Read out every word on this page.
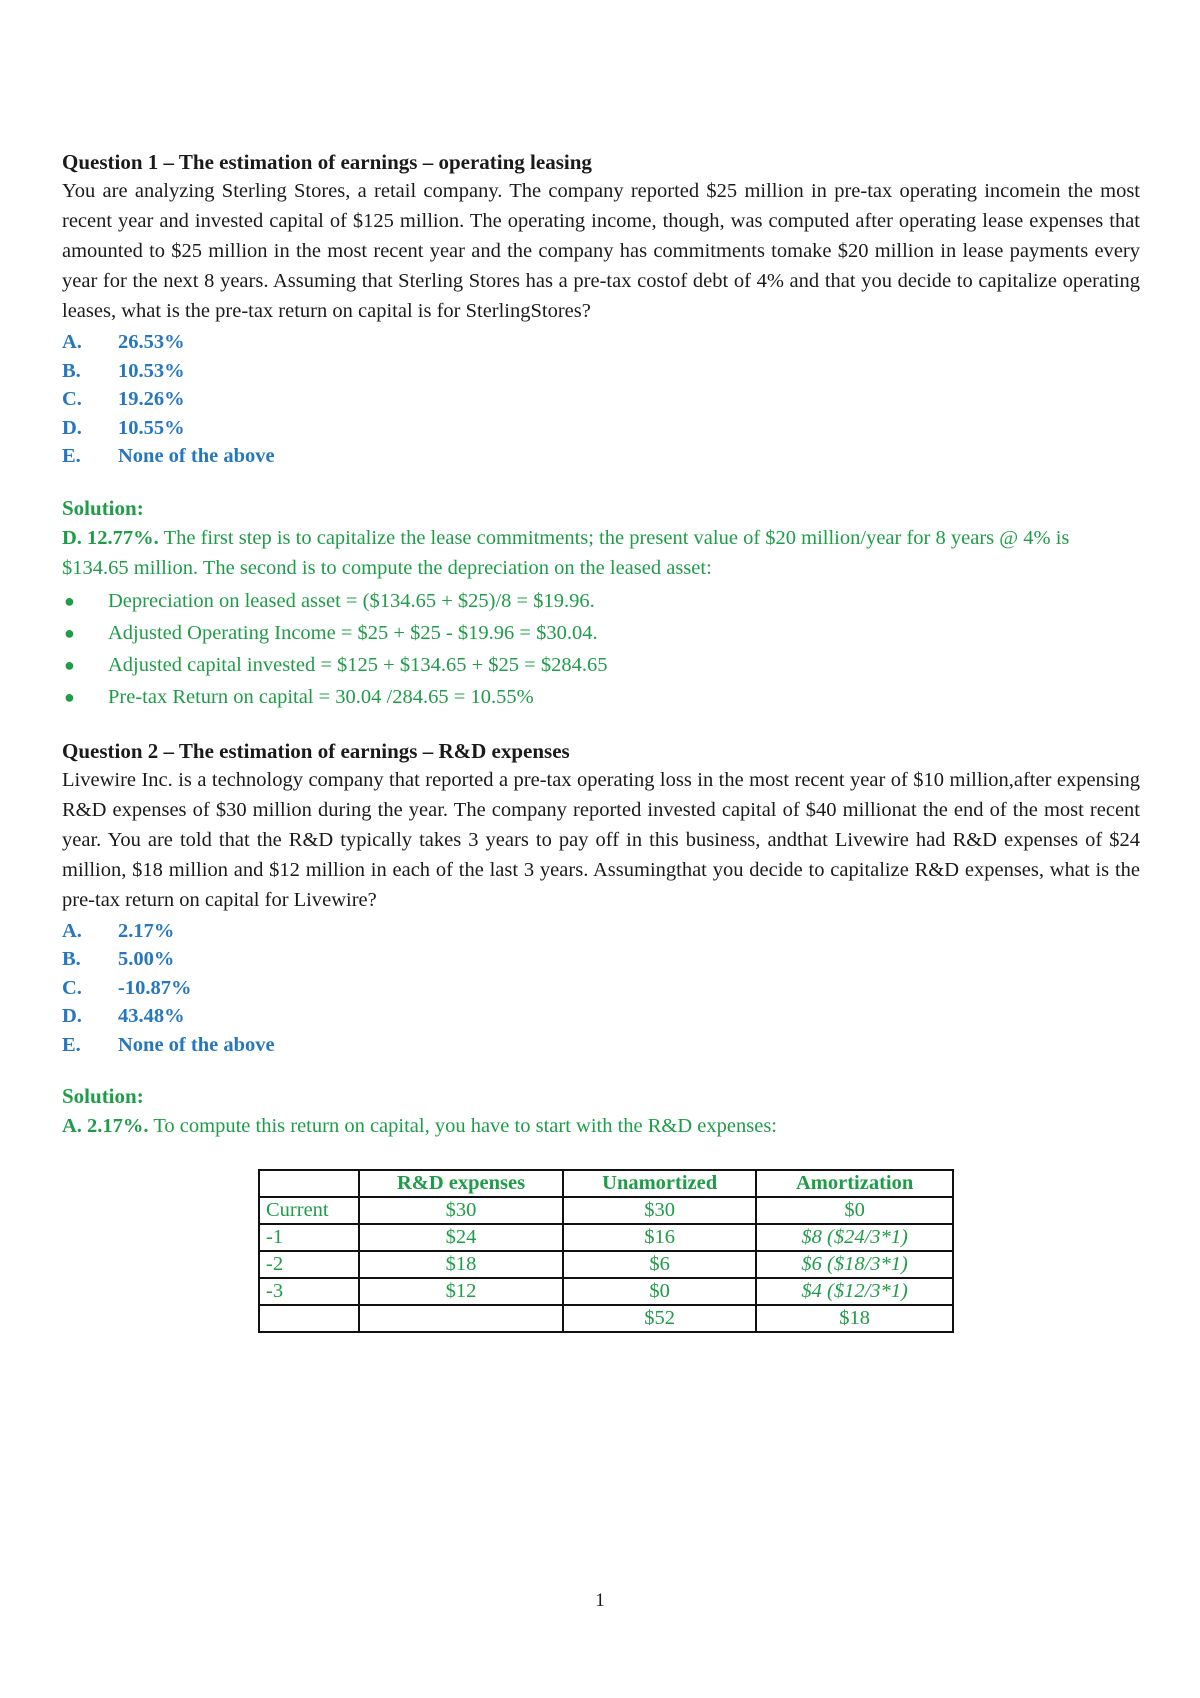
Question 1 – The estimation of earnings – operating leasing

You are analyzing Sterling Stores, a retail company. The company reported $25 million in pre-tax operating incomein the most recent year and invested capital of $125 million. The operating income, though, was computed after operating lease expenses that amounted to $25 million in the most recent year and the company has commitments tomake $20 million in lease payments every year for the next 8 years. Assuming that Sterling Stores has a pre-tax costof debt of 4% and that you decide to capitalize operating leases, what is the pre-tax return on capital is for SterlingStores?

A.	26.53%
B.	10.53%
C.	19.26%
D.	10.55%
E.	None of the above
Solution:

D. 12.77%. The first step is to capitalize the lease commitments; the present value of $20 million/year for 8 years @ 4% is $134.65 million. The second is to compute the depreciation on the leased asset:

●	Depreciation on leased asset = ($134.65 + $25)/8 = $19.96.
●	Adjusted Operating Income = $25 + $25 - $19.96 = $30.04.
●	Adjusted capital invested = $125 + $134.65 + $25 = $284.65
●	Pre-tax Return on capital = 30.04 /284.65 = 10.55%

Question 2 – The estimation of earnings – R&D expenses

Livewire Inc. is a technology company that reported a pre-tax operating loss in the most recent year of $10 million,after expensing R&D expenses of $30 million during the year. The company reported invested capital of $40 millionat the end of the most recent year. You are told that the R&D typically takes 3 years to pay off in this business, andthat Livewire had R&D expenses of $24 million, $18 million and $12 million in each of the last 3 years. Assumingthat you decide to capitalize R&D expenses, what is the pre-tax return on capital for Livewire?

A.	2.17%
B.	5.00%
C.	-10.87%
D.	43.48%
E.	None of the above
Solution:

A. 2.17%. To compute this return on capital, you have to start with the R&D expenses:

	R&D expenses	Unamortized	Amortization
Current	$30	$30	$0
-1	$24	$16	$8 ($24/3*1)
-2	$18	$6	$6 ($18/3*1)
-3	$12	$0	$4 ($12/3*1)
		$52	$18
1
